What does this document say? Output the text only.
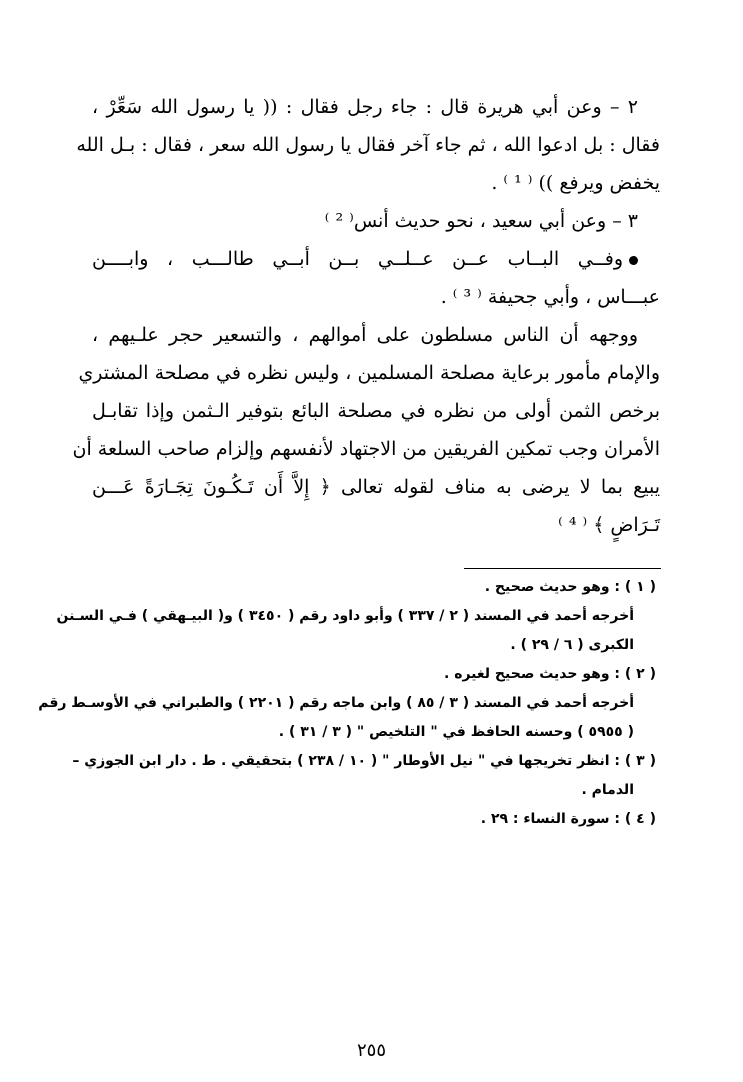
٢ – وعن أبي هريرة قال : جاء رجل فقال : (( يا رسول الله سَعِّرْ ،
فقال : بل ادعوا الله ، ثم جاء آخر فقال يا رسول الله سعر ، فقال : بـل الله
يخفض ويرفع )) ⁽ ¹ ⁾ .
٣ – وعن أبي سعيد ، نحو حديث أنس⁽ ² ⁾
وفــي البــاب عــن عــلــي بــن أبــي طالـــب ، وابــــن
عبـــاس ، وأبي جحيفة ⁽ ³ ⁾ .
ووجهه أن الناس مسلطون على أموالهم ، والتسعير حجر علـيهم ،
والإمام مأمور برعاية مصلحة المسلمين ، وليس نظره في مصلحة المشتري
برخص الثمن أولى من نظره في مصلحة البائع بتوفير الـثمن وإذا تقابـل
الأمران وجب تمكين الفريقين من الاجتهاد لأنفسهم وإلزام صاحب السلعة أن
يبيع بما لا يرضى به مناف لقوله تعالى ﴿ إِلاَّ أَن تَـكُـونَ تِجَـارَةً عَـــن
تَـرَاضٍ ﴾ ⁽ ⁴ ⁾
( ١ ) : وهو حديث صحيح .
أخرجه أحمد في المسند ( ٢ / ٣٣٧ ) وأبو داود رقم ( ٣٤٥٠ ) و( البيـهقي ) فـي السـنن
الكبرى ( ٦ / ٢٩ ) .
( ٢ ) : وهو حديث صحيح لغيره .
أخرجه أحمد في المسند ( ٣ / ٨٥ ) وابن ماجه رقم ( ٢٢٠١ ) والطبراني في الأوسـط رقم
( ٥٩٥٥ ) وحسنه الحافظ في " التلخيص " ( ٣ / ٣١ ) .
( ٣ ) : انظر تخريجها في " نيل الأوطار " ( ١٠ / ٢٣٨ ) بتحقيقي . ط . دار ابن الجوزي –
الدمام .
( ٤ ) : سورة النساء : ٢٩ .
٢٥٥
